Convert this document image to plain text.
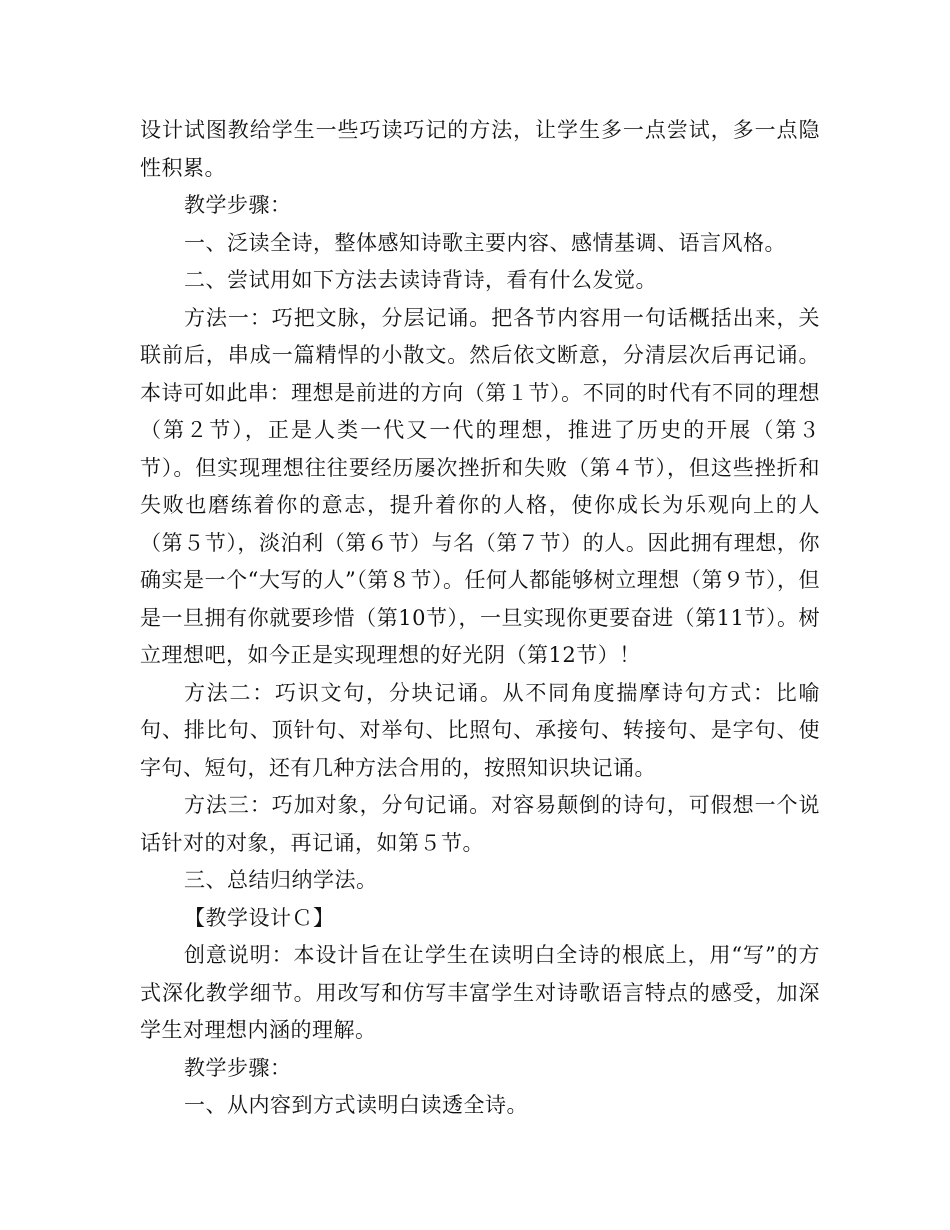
设计试图教给学生一些巧读巧记的方法，让学生多一点尝试，多一点隐性积累。

教学步骤：

一、泛读全诗，整体感知诗歌主要内容、感情基调、语言风格。

二、尝试用如下方法去读诗背诗，看有什么发觉。

方法一：巧把文脉，分层记诵。把各节内容用一句话概括出来，关联前后，串成一篇精悍的小散文。然后依文断意，分清层次后再记诵。本诗可如此串：理想是前进的方向（第１节）。不同的时代有不同的理想（第２节），正是人类一代又一代的理想，推进了历史的开展（第３节）。但实现理想往往要经历屡次挫折和失败（第４节），但这些挫折和失败也磨练着你的意志，提升着你的人格，使你成长为乐观向上的人（第５节），淡泊利（第６节）与名（第７节）的人。因此拥有理想，你确实是一个“大写的人”（第８节）。任何人都能够树立理想（第９节），但是一旦拥有你就要珍惜（第10节），一旦实现你更要奋进（第11节）。树立理想吧，如今正是实现理想的好光阴（第12节）！

方法二：巧识文句，分块记诵。从不同角度揣摩诗句方式：比喻句、排比句、顶针句、对举句、比照句、承接句、转接句、是字句、使字句、短句，还有几种方法合用的，按照知识块记诵。

方法三：巧加对象，分句记诵。对容易颠倒的诗句，可假想一个说话针对的对象，再记诵，如第５节。

三、总结归纳学法。

【教学设计Ｃ】

创意说明：本设计旨在让学生在读明白全诗的根底上，用“写”的方式深化教学细节。用改写和仿写丰富学生对诗歌语言特点的感受，加深学生对理想内涵的理解。

教学步骤：

一、从内容到方式读明白读透全诗。
